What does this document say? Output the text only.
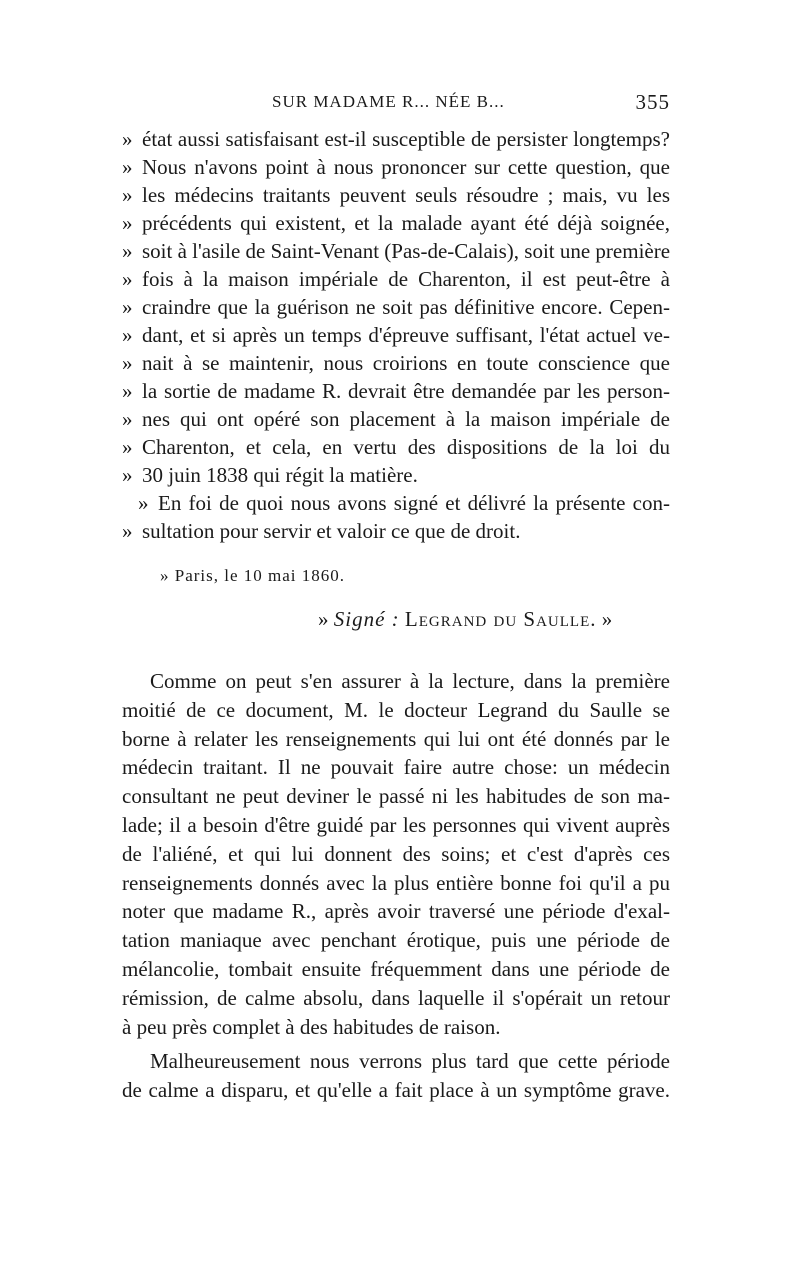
SUR MADAME R... NÉE B...	355
» état aussi satisfaisant est-il susceptible de persister longtemps?
» Nous n'avons point à nous prononcer sur cette question, que
» les médecins traitants peuvent seuls résoudre ; mais, vu les
» précédents qui existent, et la malade ayant été déjà soignée,
» soit à l'asile de Saint-Venant (Pas-de-Calais), soit une première
» fois à la maison impériale de Charenton, il est peut-être à
» craindre que la guérison ne soit pas définitive encore. Cepen-
» dant, et si après un temps d'épreuve suffisant, l'état actuel ve-
» nait à se maintenir, nous croirions en toute conscience que
» la sortie de madame R. devrait être demandée par les person-
» nes qui ont opéré son placement à la maison impériale de
» Charenton, et cela, en vertu des dispositions de la loi du
» 30 juin 1838 qui régit la matière.
» En foi de quoi nous avons signé et délivré la présente con-
» sultation pour servir et valoir ce que de droit.
» Paris, le 10 mai 1860.
» Signé : Legrand du Saulle. »
Comme on peut s'en assurer à la lecture, dans la première
moitié de ce document, M. le docteur Legrand du Saulle se
borne à relater les renseignements qui lui ont été donnés par le
médecin traitant. Il ne pouvait faire autre chose: un médecin
consultant ne peut deviner le passé ni les habitudes de son ma-
lade; il a besoin d'être guidé par les personnes qui vivent auprès
de l'aliéné, et qui lui donnent des soins; et c'est d'après ces
renseignements donnés avec la plus entière bonne foi qu'il a pu
noter que madame R., après avoir traversé une période d'exal-
tation maniaque avec penchant érotique, puis une période de
mélancolie, tombait ensuite fréquemment dans une période de
rémission, de calme absolu, dans laquelle il s'opérait un retour
à peu près complet à des habitudes de raison.
Malheureusement nous verrons plus tard que cette période
de calme a disparu, et qu'elle a fait place à un symptôme grave.
